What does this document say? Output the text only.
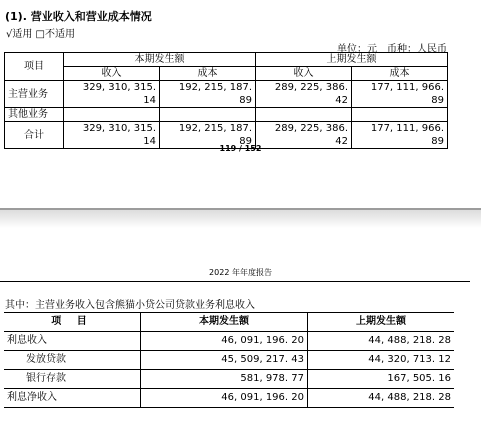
(1). 营业收入和营业成本情况
√适用 □不适用
单位：元　币种：人民币
项目	本期发生额		上期发生额	
	收入	成本	收入	成本
主营业务	329, 310, 315. 14	192, 215, 187. 89	289, 225, 386. 42	177, 111, 966. 89
其他业务				
合计	329, 310, 315. 14	192, 215, 187. 89	289, 225, 386. 42	177, 111, 966. 89
119 / 152
2022 年年度报告
其中：主营业务收入包含熊猫小贷公司贷款业务利息收入
项 目	本期发生额	上期发生额
利息收入	46, 091, 196. 20	44, 488, 218. 28
发放贷款	45, 509, 217. 43	44, 320, 713. 12
银行存款	581, 978. 77	167, 505. 16
利息净收入	46, 091, 196. 20	44, 488, 218. 28
